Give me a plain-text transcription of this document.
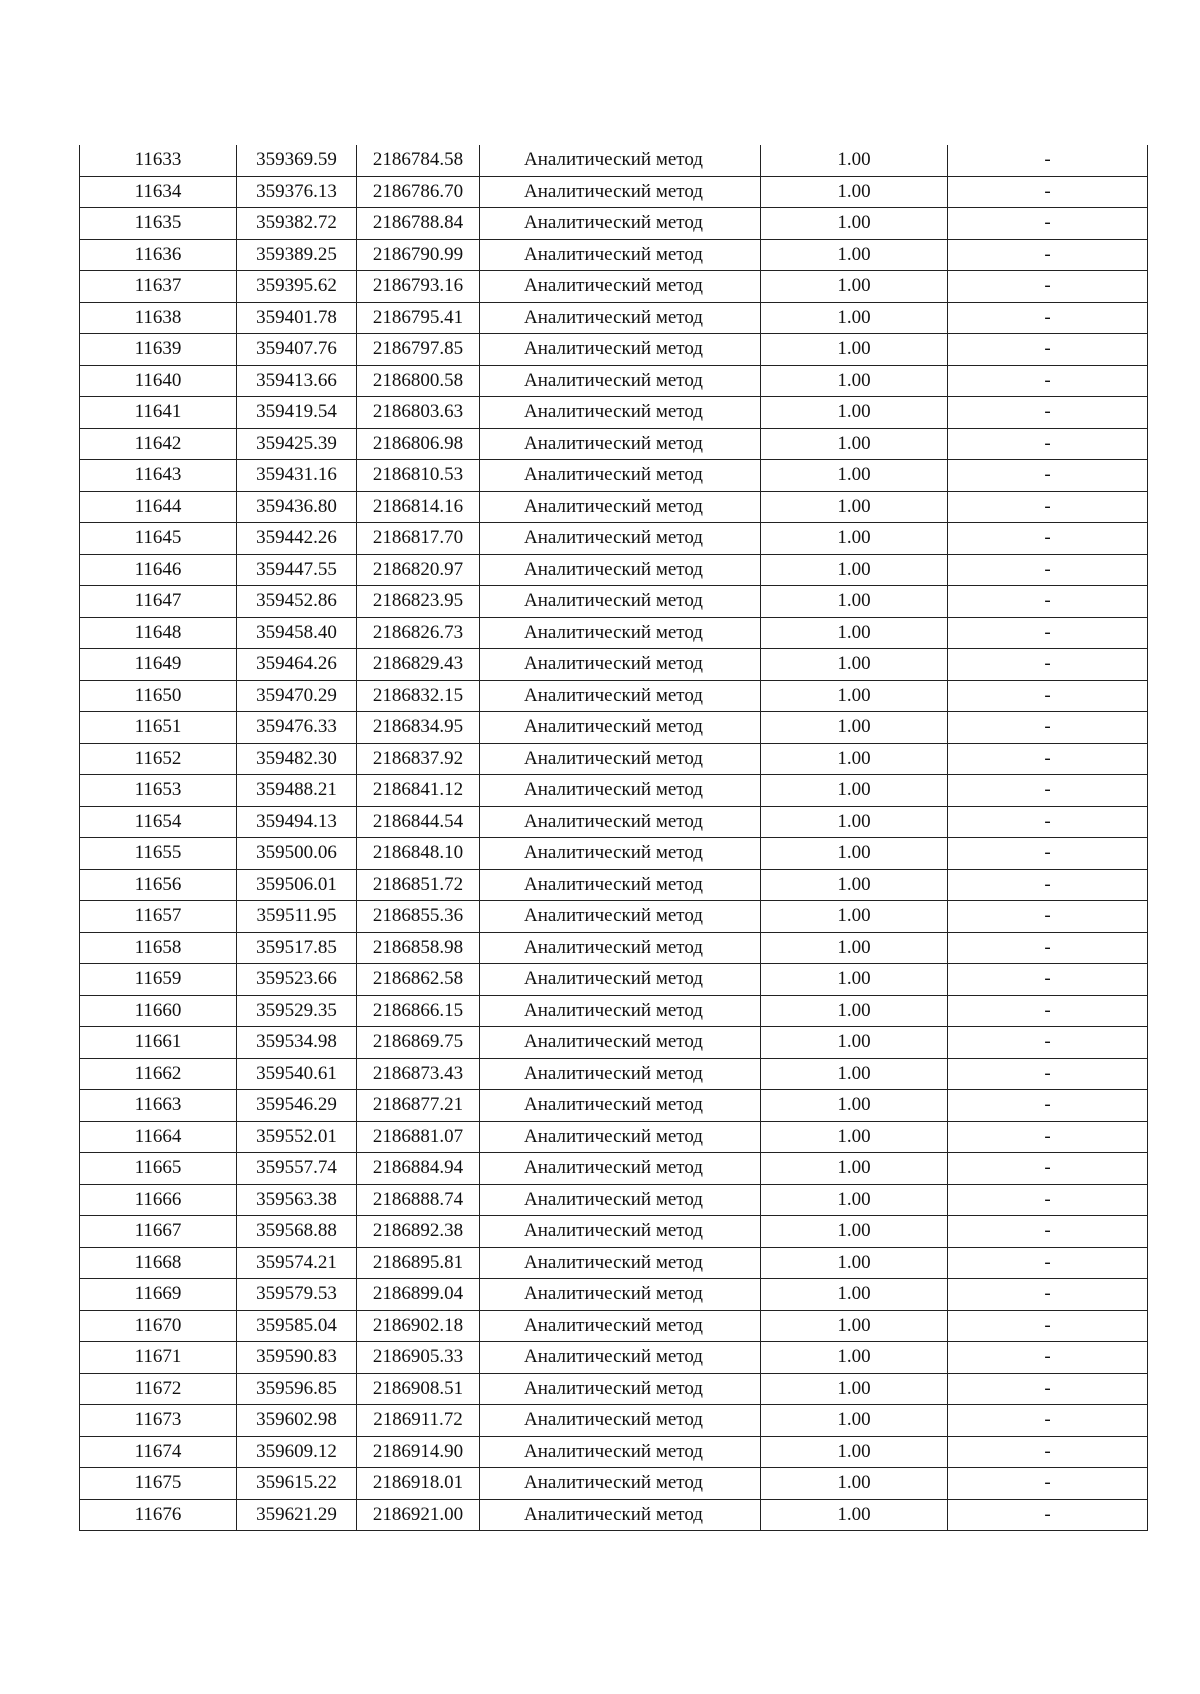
11633	359369.59	2186784.58	Аналитический метод	1.00	-
11634	359376.13	2186786.70	Аналитический метод	1.00	-
11635	359382.72	2186788.84	Аналитический метод	1.00	-
11636	359389.25	2186790.99	Аналитический метод	1.00	-
11637	359395.62	2186793.16	Аналитический метод	1.00	-
11638	359401.78	2186795.41	Аналитический метод	1.00	-
11639	359407.76	2186797.85	Аналитический метод	1.00	-
11640	359413.66	2186800.58	Аналитический метод	1.00	-
11641	359419.54	2186803.63	Аналитический метод	1.00	-
11642	359425.39	2186806.98	Аналитический метод	1.00	-
11643	359431.16	2186810.53	Аналитический метод	1.00	-
11644	359436.80	2186814.16	Аналитический метод	1.00	-
11645	359442.26	2186817.70	Аналитический метод	1.00	-
11646	359447.55	2186820.97	Аналитический метод	1.00	-
11647	359452.86	2186823.95	Аналитический метод	1.00	-
11648	359458.40	2186826.73	Аналитический метод	1.00	-
11649	359464.26	2186829.43	Аналитический метод	1.00	-
11650	359470.29	2186832.15	Аналитический метод	1.00	-
11651	359476.33	2186834.95	Аналитический метод	1.00	-
11652	359482.30	2186837.92	Аналитический метод	1.00	-
11653	359488.21	2186841.12	Аналитический метод	1.00	-
11654	359494.13	2186844.54	Аналитический метод	1.00	-
11655	359500.06	2186848.10	Аналитический метод	1.00	-
11656	359506.01	2186851.72	Аналитический метод	1.00	-
11657	359511.95	2186855.36	Аналитический метод	1.00	-
11658	359517.85	2186858.98	Аналитический метод	1.00	-
11659	359523.66	2186862.58	Аналитический метод	1.00	-
11660	359529.35	2186866.15	Аналитический метод	1.00	-
11661	359534.98	2186869.75	Аналитический метод	1.00	-
11662	359540.61	2186873.43	Аналитический метод	1.00	-
11663	359546.29	2186877.21	Аналитический метод	1.00	-
11664	359552.01	2186881.07	Аналитический метод	1.00	-
11665	359557.74	2186884.94	Аналитический метод	1.00	-
11666	359563.38	2186888.74	Аналитический метод	1.00	-
11667	359568.88	2186892.38	Аналитический метод	1.00	-
11668	359574.21	2186895.81	Аналитический метод	1.00	-
11669	359579.53	2186899.04	Аналитический метод	1.00	-
11670	359585.04	2186902.18	Аналитический метод	1.00	-
11671	359590.83	2186905.33	Аналитический метод	1.00	-
11672	359596.85	2186908.51	Аналитический метод	1.00	-
11673	359602.98	2186911.72	Аналитический метод	1.00	-
11674	359609.12	2186914.90	Аналитический метод	1.00	-
11675	359615.22	2186918.01	Аналитический метод	1.00	-
11676	359621.29	2186921.00	Аналитический метод	1.00	-
